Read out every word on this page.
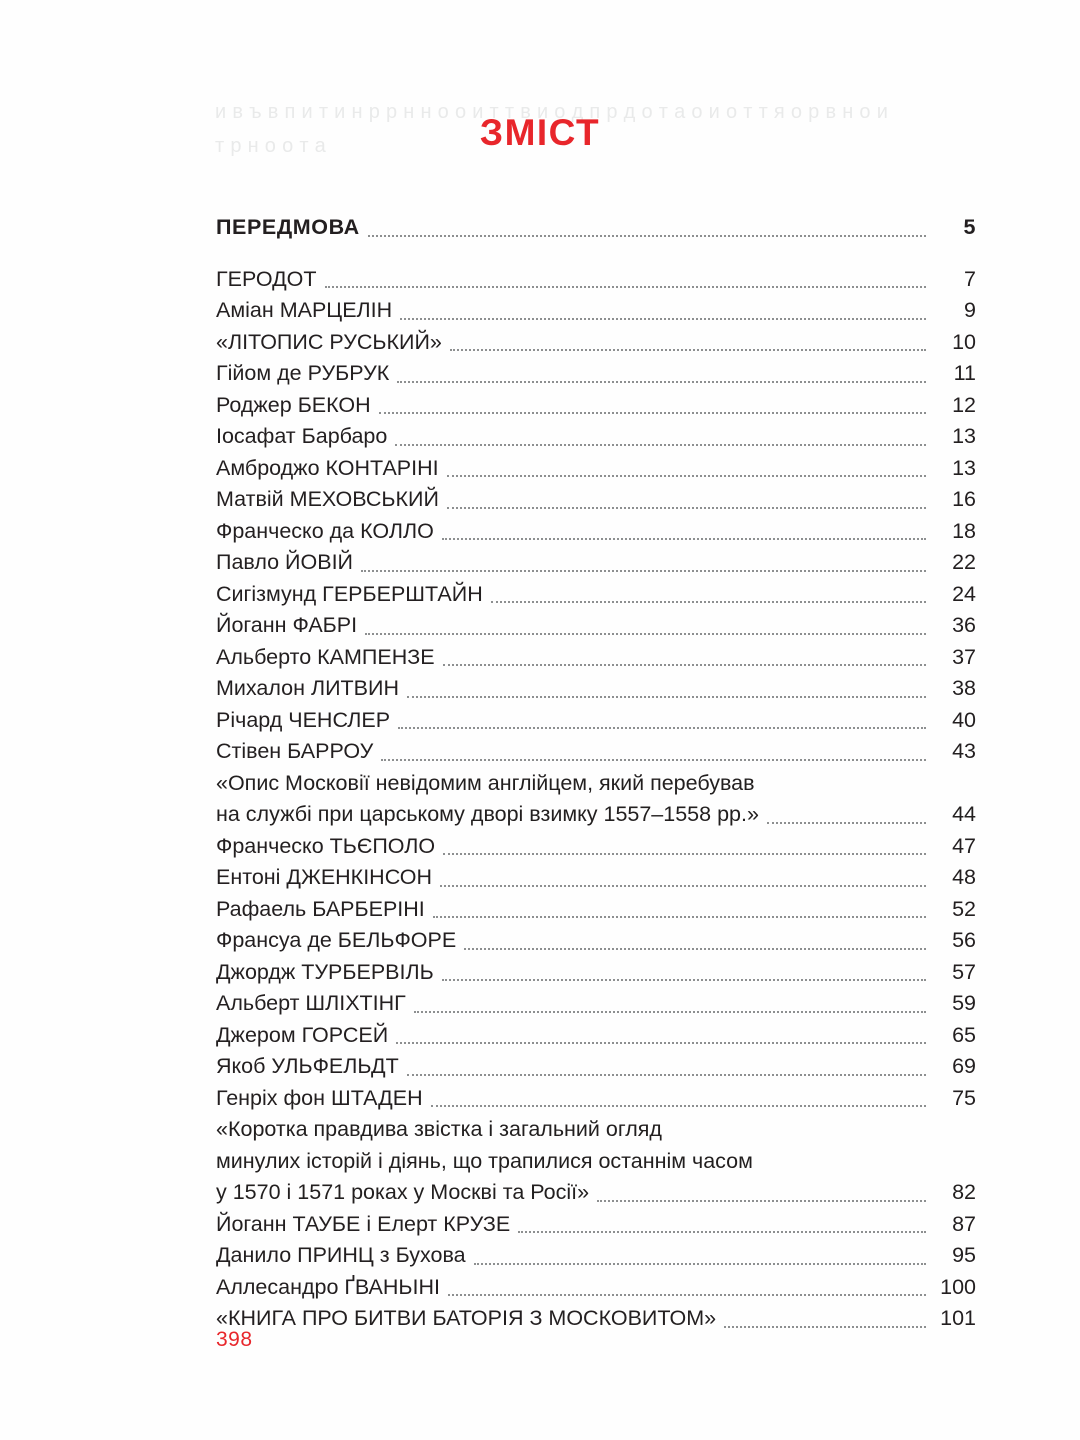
и в ъ в п и т и н р р н н о о и т т в и о д п р д о т а о и о т т я о р в н о и т р н о о т а	ЗМІСТ
ПЕРЕДМОВА	5
ГЕРОДОТ	7
Аміан МАРЦЕЛІН	9
«ЛІТОПИС РУСЬКИЙ»	10
Гійом де РУБРУК	11
Роджер БЕКОН	12
Іосафат Барбаро	13
Амброджо КОНТАРІНІ	13
Матвій МЕХОВСЬКИЙ	16
Франческо да КОЛЛО	18
Павло ЙОВІЙ	22
Сигізмунд ГЕРБЕРШТАЙН	24
Йоганн ФАБРІ	36
Альберто КАМПЕНЗЕ	37
Михалон ЛИТВИН	38
Річард ЧЕНСЛЕР	40
Стівен БАРРОУ	43
«Опис Московії невідомим англійцем, який перебував
на службі при царському дворі взимку 1557–1558 рр.»	44
Франческо ТЬЄПОЛО	47
Ентоні ДЖЕНКІНСОН	48
Рафаель БАРБЕРІНІ	52
Франсуа де БЕЛЬФОРЕ	56
Джордж ТУРБЕРВІЛЬ	57
Альберт ШЛІХТІНГ	59
Джером ГОРСЕЙ	65
Якоб УЛЬФЕЛЬДТ	69
Генріх фон ШТАДЕН	75
«Коротка правдива звістка і загальний огляд
минулих історій і діянь, що трапилися останнім часом
у 1570 і 1571 роках у Москві та Росії»	82
Йоганн ТАУБЕ і Елерт КРУЗЕ	87
Данило ПРИНЦ з Бухова	95
Аллесандро ҐВАНЬІНІ	100
«КНИГА ПРО БИТВИ БАТОРІЯ З МОСКОВИТОМ»	101
398
